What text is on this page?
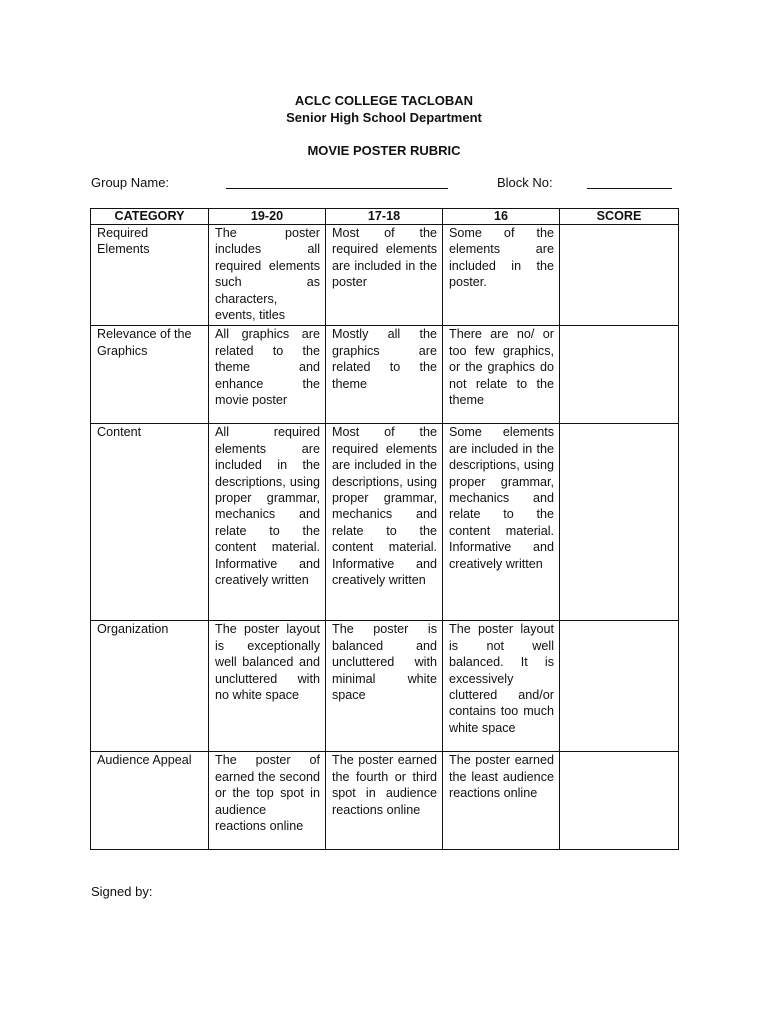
ACLC COLLEGE TACLOBAN
Senior High School Department
MOVIE POSTER RUBRIC
Group Name:	Block No:
CATEGORY	19-20	17-18	16	SCORE
Required Elements	The poster includes all required elements such as characters, events, titles	Most of the required elements are included in the poster	Some of the elements are included in the poster.	
Relevance of the Graphics	All graphics are related to the theme and enhance the movie poster	Mostly all the graphics are related to the theme	There are no/ or too few graphics, or the graphics do not relate to the theme	
Content	All required elements are included in the descriptions, using proper grammar, mechanics and relate to the content material. Informative and creatively written	Most of the required elements are included in the descriptions, using proper grammar, mechanics and relate to the content material. Informative and creatively written	Some elements are included in the descriptions, using proper grammar, mechanics and relate to the content material. Informative and creatively written	
Organization	The poster layout is exceptionally well balanced and uncluttered with no white space	The poster is balanced and uncluttered with minimal white space	The poster layout is not well balanced. It is excessively cluttered and/or contains too much white space	
Audience Appeal	The poster of earned the second or the top spot in audience reactions online	The poster earned the fourth or third spot in audience reactions online	The poster earned the least audience reactions online	
Signed by:
